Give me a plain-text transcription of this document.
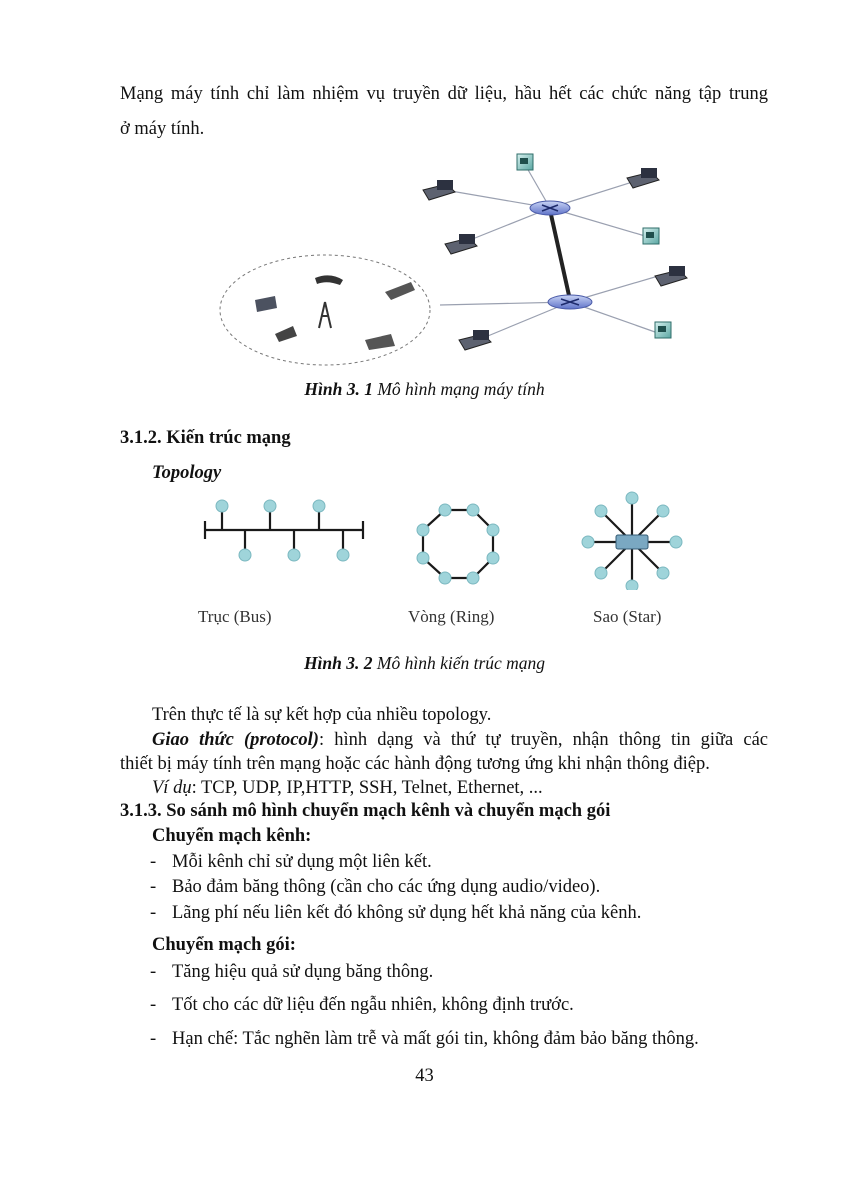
Mạng máy tính chỉ làm nhiệm vụ truyền dữ liệu, hầu hết các chức năng tập trung
ở máy tính.
Hình 3. 1 Mô hình mạng máy tính
3.1.2. Kiến trúc mạng
Topology
Trục (Bus)	Vòng (Ring)	Sao (Star)
Hình 3. 2 Mô hình kiến trúc mạng
Trên thực tế là sự kết hợp của nhiều topology.
Giao thức (protocol): hình dạng và thứ tự truyền, nhận thông tin giữa các
thiết bị máy tính trên mạng hoặc các hành động tương ứng khi nhận thông điệp.
Ví dụ: TCP, UDP, IP,HTTP, SSH, Telnet, Ethernet, ...
3.1.3. So sánh mô hình chuyển mạch kênh và chuyển mạch gói
Chuyển mạch kênh:
- Mỗi kênh chỉ sử dụng một liên kết.
- Bảo đảm băng thông (cần cho các ứng dụng audio/video).
- Lãng phí nếu liên kết đó không sử dụng hết khả năng của kênh.
Chuyển mạch gói:
- Tăng hiệu quả sử dụng băng thông.
- Tốt cho các dữ liệu đến ngẫu nhiên, không định trước.
- Hạn chế: Tắc nghẽn làm trễ và mất gói tin, không đảm bảo băng thông.
43
